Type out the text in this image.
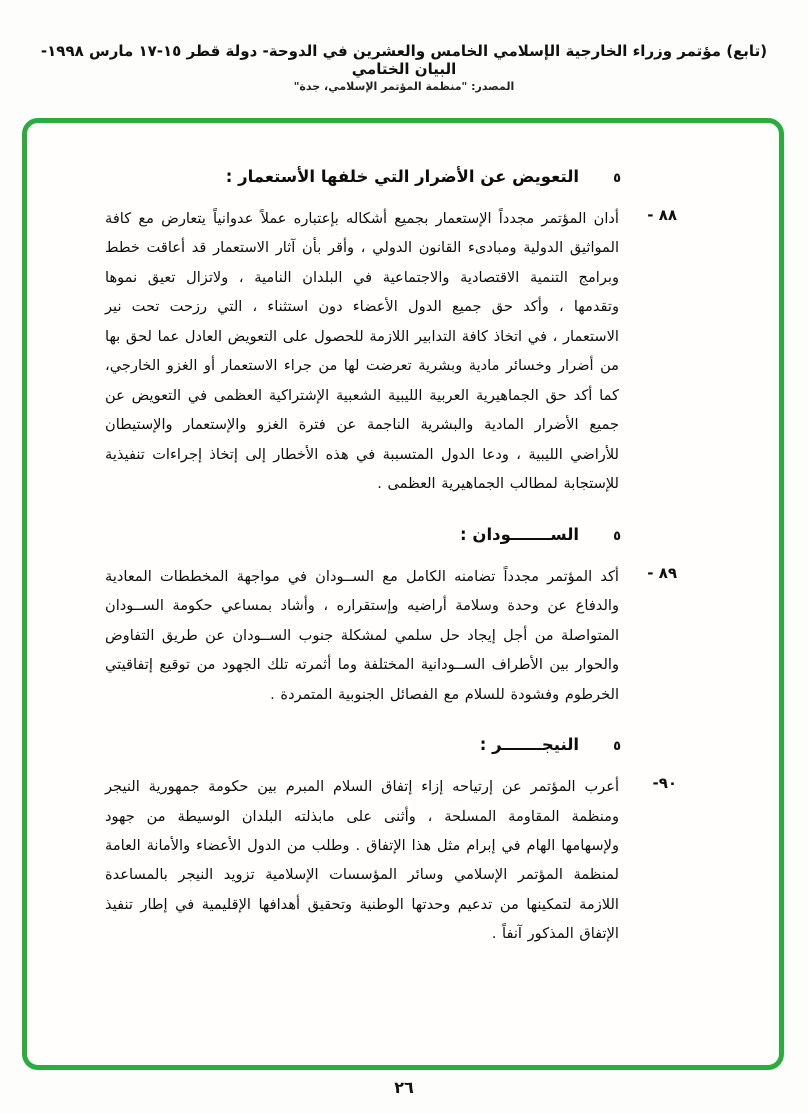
(تابع) مؤتمر وزراء الخارجية الإسلامي الخامس والعشرين في الدوحة- دولة قطر ١٥-١٧ مارس ١٩٩٨- البيان الختامي
المصدر: "منظمة المؤتمر الإسلامي، جدة"
٥
التعويض عن الأضرار التي خلفها الأستعمار :
٨٨ -
أدان المؤتمر مجدداً الإستعمار بجميع أشكاله بإعتباره عملاً عدوانياً يتعارض مع كافة المواثيق الدولية ومبادىء القانون الدولي ، وأقر بأن آثار الاستعمار قد أعاقت خطط وبرامج التنمية الاقتصادية والاجتماعية في البلدان النامية ، ولاتزال تعيق نموها وتقدمها ، وأكد حق جميع الدول الأعضاء دون استثناء ، التي رزحت تحت نير الاستعمار ، في اتخاذ كافة التدابير اللازمة للحصول على التعويض العادل عما لحق بها من أضرار وخسائر مادية وبشرية تعرضت لها من جراء الاستعمار أو الغزو الخارجي، كما أكد حق الجماهيرية العربية الليبية الشعبية الإشتراكية العظمى في التعويض عن جميع الأضرار المادية والبشرية الناجمة عن فترة الغزو والإستعمار والإستيطان للأراضي الليبية ، ودعا الدول المتسببة في هذه الأخطار إلى إتخاذ إجراءات تنفيذية للإستجابة لمطالب الجماهيرية العظمى .
٥
الســـــــودان :
٨٩ -
أكد المؤتمر مجدداً تضامنه الكامل مع الســودان في مواجهة المخططات المعادية والدفاع عن وحدة وسلامة أراضيه وإستقراره ، وأشاد بمساعي حكومة الســودان المتواصلة من أجل إيجاد حل سلمي لمشكلة جنوب الســودان عن طريق التفاوض والحوار بين الأطراف الســودانية المختلفة وما أثمرته تلك الجهود من توقيع إتفاقيتي الخرطوم وفشودة للسلام مع الفصائل الجنوبية المتمردة .
٥
النيجـــــــر :
٩٠-
أعرب المؤتمر عن إرتياحه إزاء إتفاق السلام المبرم بين حكومة جمهورية النيجر ومنظمة المقاومة المسلحة ، وأثنى على مابذلته البلدان الوسيطة من جهود ولإسهامها الهام في إبرام مثل هذا الإتفاق . وطلب من الدول الأعضاء والأمانة العامة لمنظمة المؤتمر الإسلامي وسائر المؤسسات الإسلامية تزويد النيجر بالمساعدة اللازمة لتمكينها من تدعيم وحدتها الوطنية وتحقيق أهدافها الإقليمية في إطار تنفيذ الإتفاق المذكور آنفاً .
٢٦
